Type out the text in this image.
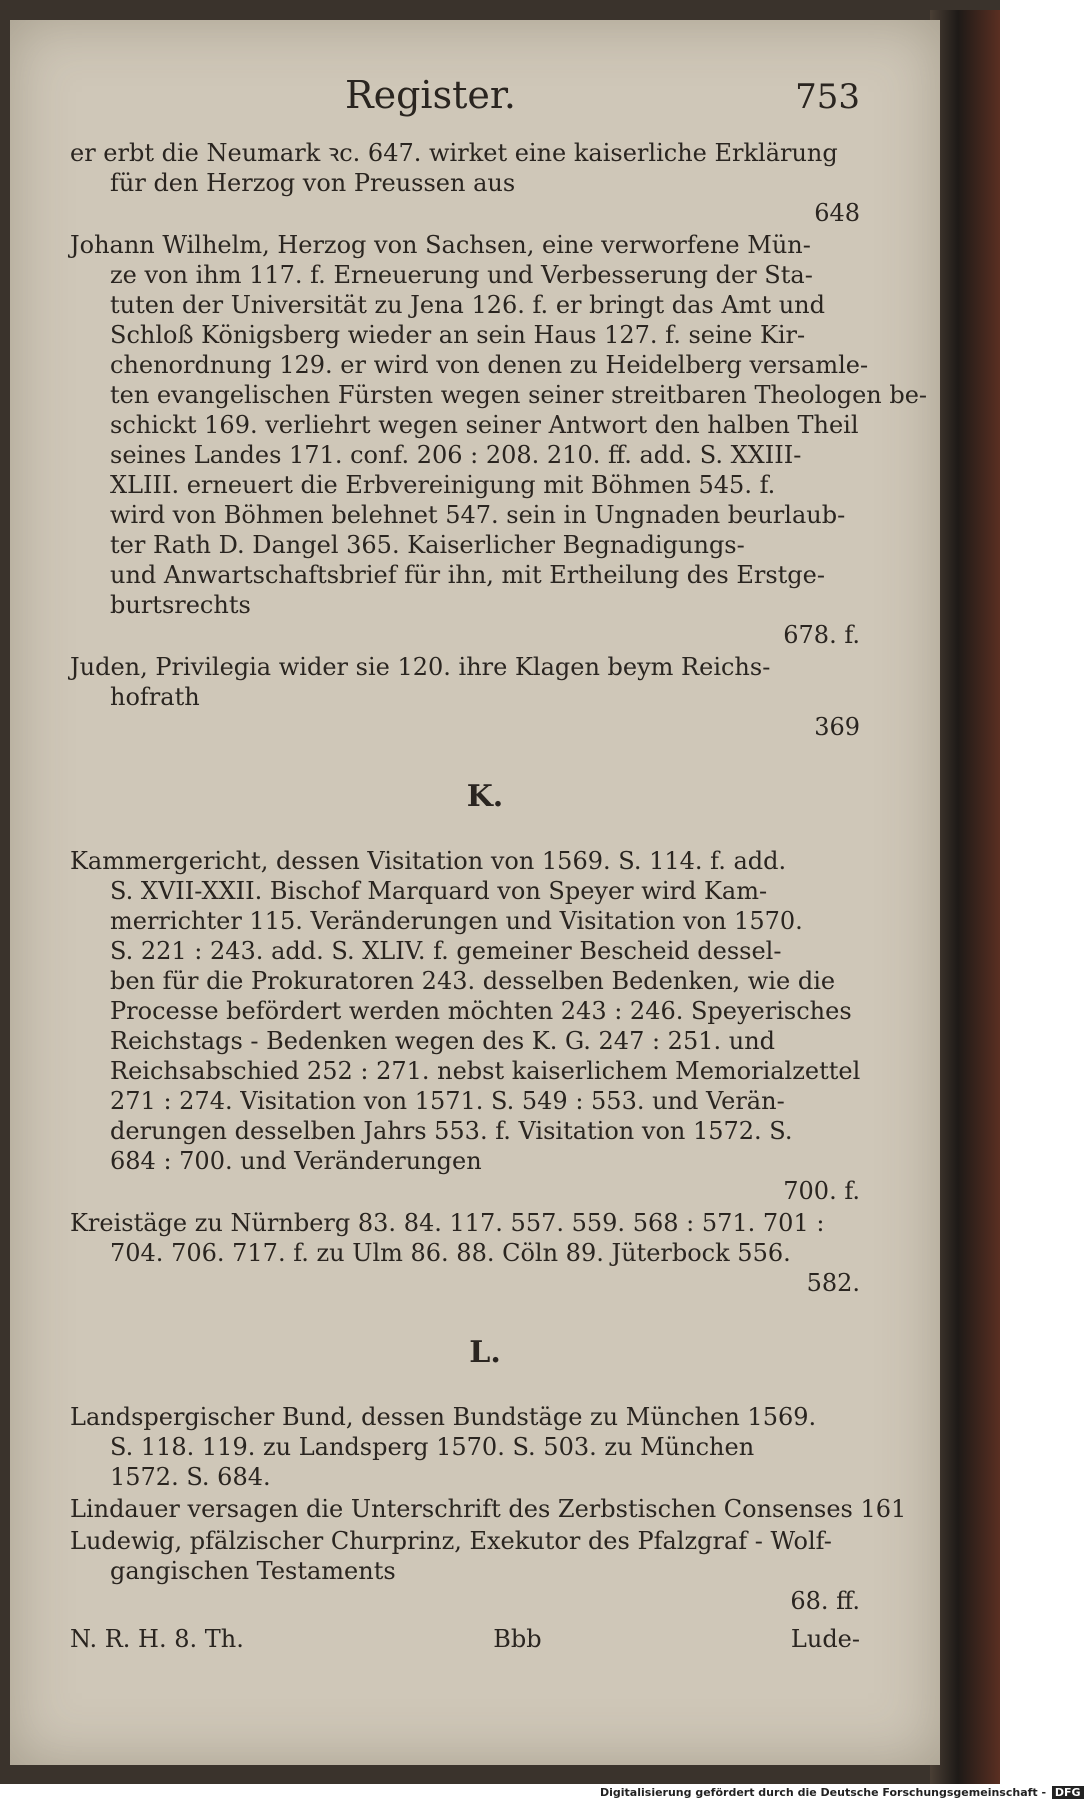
Register.	753
er erbt die Neumark ꝛc. 647. wirket eine kaiserliche Erklärung
für den Herzog von Preussen aus
648
Johann Wilhelm, Herzog von Sachsen, eine verworfene Mün-
ze von ihm 117. f. Erneuerung und Verbesserung der Sta-
tuten der Universität zu Jena 126. f. er bringt das Amt und
Schloß Königsberg wieder an sein Haus 127. f. seine Kir-
chenordnung 129. er wird von denen zu Heidelberg versamle-
ten evangelischen Fürsten wegen seiner streitbaren Theologen be-
schickt 169. verliehrt wegen seiner Antwort den halben Theil
seines Landes 171. conf. 206 : 208. 210. ff. add. S. XXIII-
XLIII. erneuert die Erbvereinigung mit Böhmen 545. f.
wird von Böhmen belehnet 547. sein in Ungnaden beurlaub-
ter Rath D. Dangel 365. Kaiserlicher Begnadigungs-
und Anwartschaftsbrief für ihn, mit Ertheilung des Erstge-
burtsrechts
678. f.
Juden, Privilegia wider sie 120. ihre Klagen beym Reichs-
hofrath
369
K.
Kammergericht, dessen Visitation von 1569. S. 114. f. add.
S. XVII-XXII. Bischof Marquard von Speyer wird Kam-
merrichter 115. Veränderungen und Visitation von 1570.
S. 221 : 243. add. S. XLIV. f. gemeiner Bescheid dessel-
ben für die Prokuratoren 243. desselben Bedenken, wie die
Processe befördert werden möchten 243 : 246. Speyerisches
Reichstags - Bedenken wegen des K. G. 247 : 251. und
Reichsabschied 252 : 271. nebst kaiserlichem Memorialzettel
271 : 274. Visitation von 1571. S. 549 : 553. und Verän-
derungen desselben Jahrs 553. f. Visitation von 1572. S.
684 : 700. und Veränderungen
700. f.
Kreistäge zu Nürnberg 83. 84. 117. 557. 559. 568 : 571. 701 :
704. 706. 717. f. zu Ulm 86. 88. Cöln 89. Jüterbock 556.
582.
L.
Landspergischer Bund, dessen Bundstäge zu München 1569.
S. 118. 119. zu Landsperg 1570. S. 503. zu München
1572. S. 684.
Lindauer versagen die Unterschrift des Zerbstischen Consenses 161
Ludewig, pfälzischer Churprinz, Exekutor des Pfalzgraf - Wolf-
gangischen Testaments
68. ff.
N. R. H. 8. Th.	Bbb	Lude-
Digitalisierung gefördert durch die Deutsche Forschungsgemeinschaft - DFG
